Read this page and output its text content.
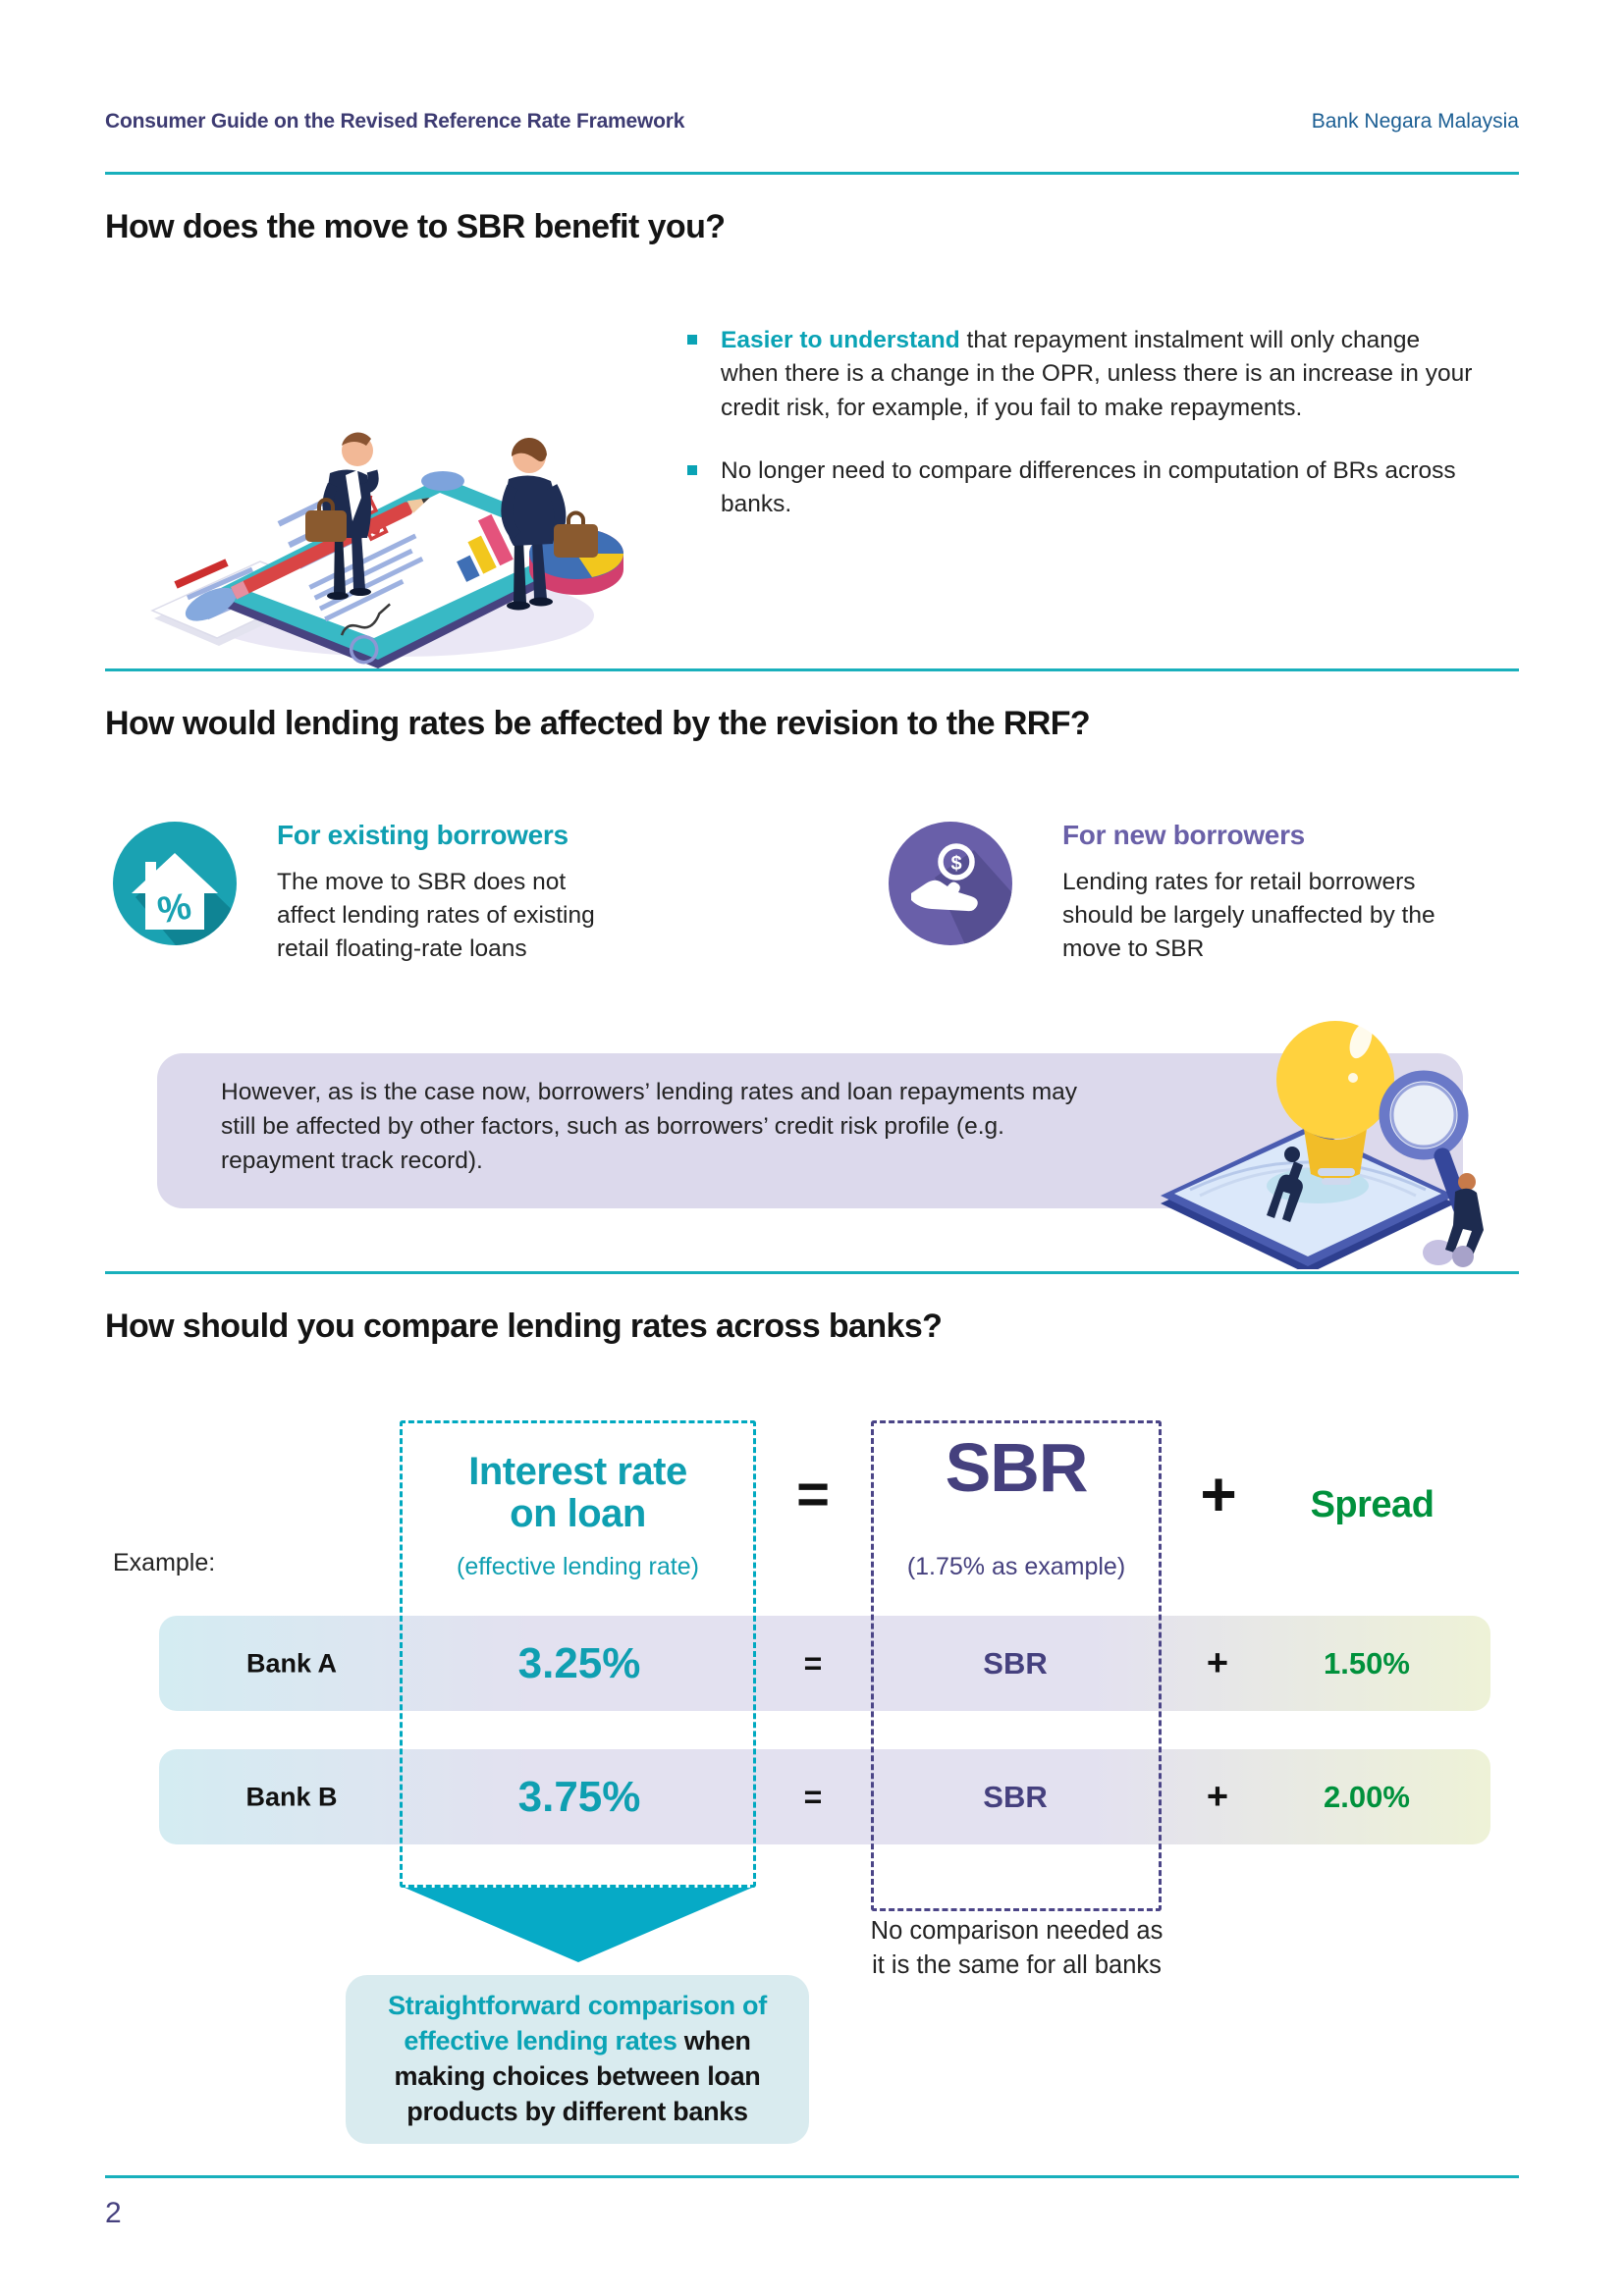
Consumer Guide on the Revised Reference Rate Framework	Bank Negara Malaysia
How does the move to SBR benefit you?
Easier to understand that repayment instalment will only change when there is a change in the OPR, unless there is an increase in your credit risk, for example, if you fail to make repayments.
No longer need to compare differences in computation of BRs across banks.
How would lending rates be affected by the revision to the RRF?
%
For existing borrowers
The move to SBR does not affect lending rates of existing retail floating-rate loans
$
For new borrowers
Lending rates for retail borrowers should be largely unaffected by the move to SBR
However, as is the case now, borrowers’ lending rates and loan repayments may still be affected by other factors, such as borrowers’ credit risk profile (e.g. repayment track record).
How should you compare lending rates across banks?
Example:
Interest rate
on loan
(effective lending rate)
=	SBR
(1.75% as example)
+	Spread
Bank A	3.25%	=	SBR	+	1.50%
Bank B	3.75%	=	SBR	+	2.00%
No comparison needed as it is the same for all banks
Straightforward comparison of effective lending rates when making choices between loan products by different banks
2
